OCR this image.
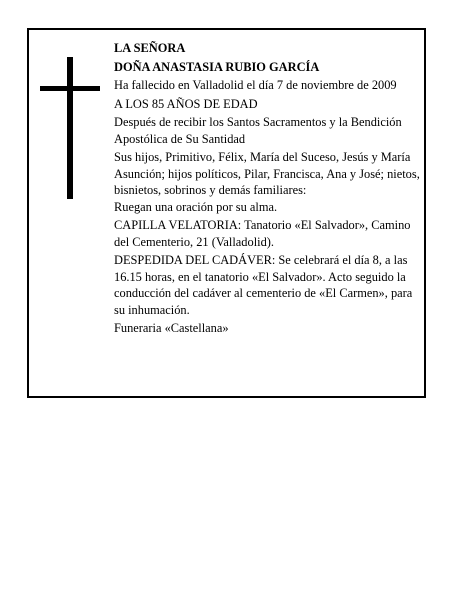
LA SEÑORA

DOÑA ANASTASIA RUBIO GARCÍA

Ha fallecido en Valladolid el día 7 de noviembre de 2009

A LOS 85 AÑOS DE EDAD

Después de recibir los Santos Sacramentos y la Bendición Apostólica de Su Santidad

Sus hijos, Primitivo, Félix, María del Suceso, Jesús y María Asunción; hijos políticos, Pilar, Francisca, Ana y José; nietos, bisnietos, sobrinos y demás familiares:

Ruegan una oración por su alma.

CAPILLA VELATORIA: Tanatorio «El Salvador», Camino del Cementerio, 21 (Valladolid).

DESPEDIDA DEL CADÁVER: Se celebrará el día 8, a las 16.15 horas, en el tanatorio «El Salvador». Acto seguido la conducción del cadáver al cementerio de «El Carmen», para su inhumación.

Funeraria «Castellana»
